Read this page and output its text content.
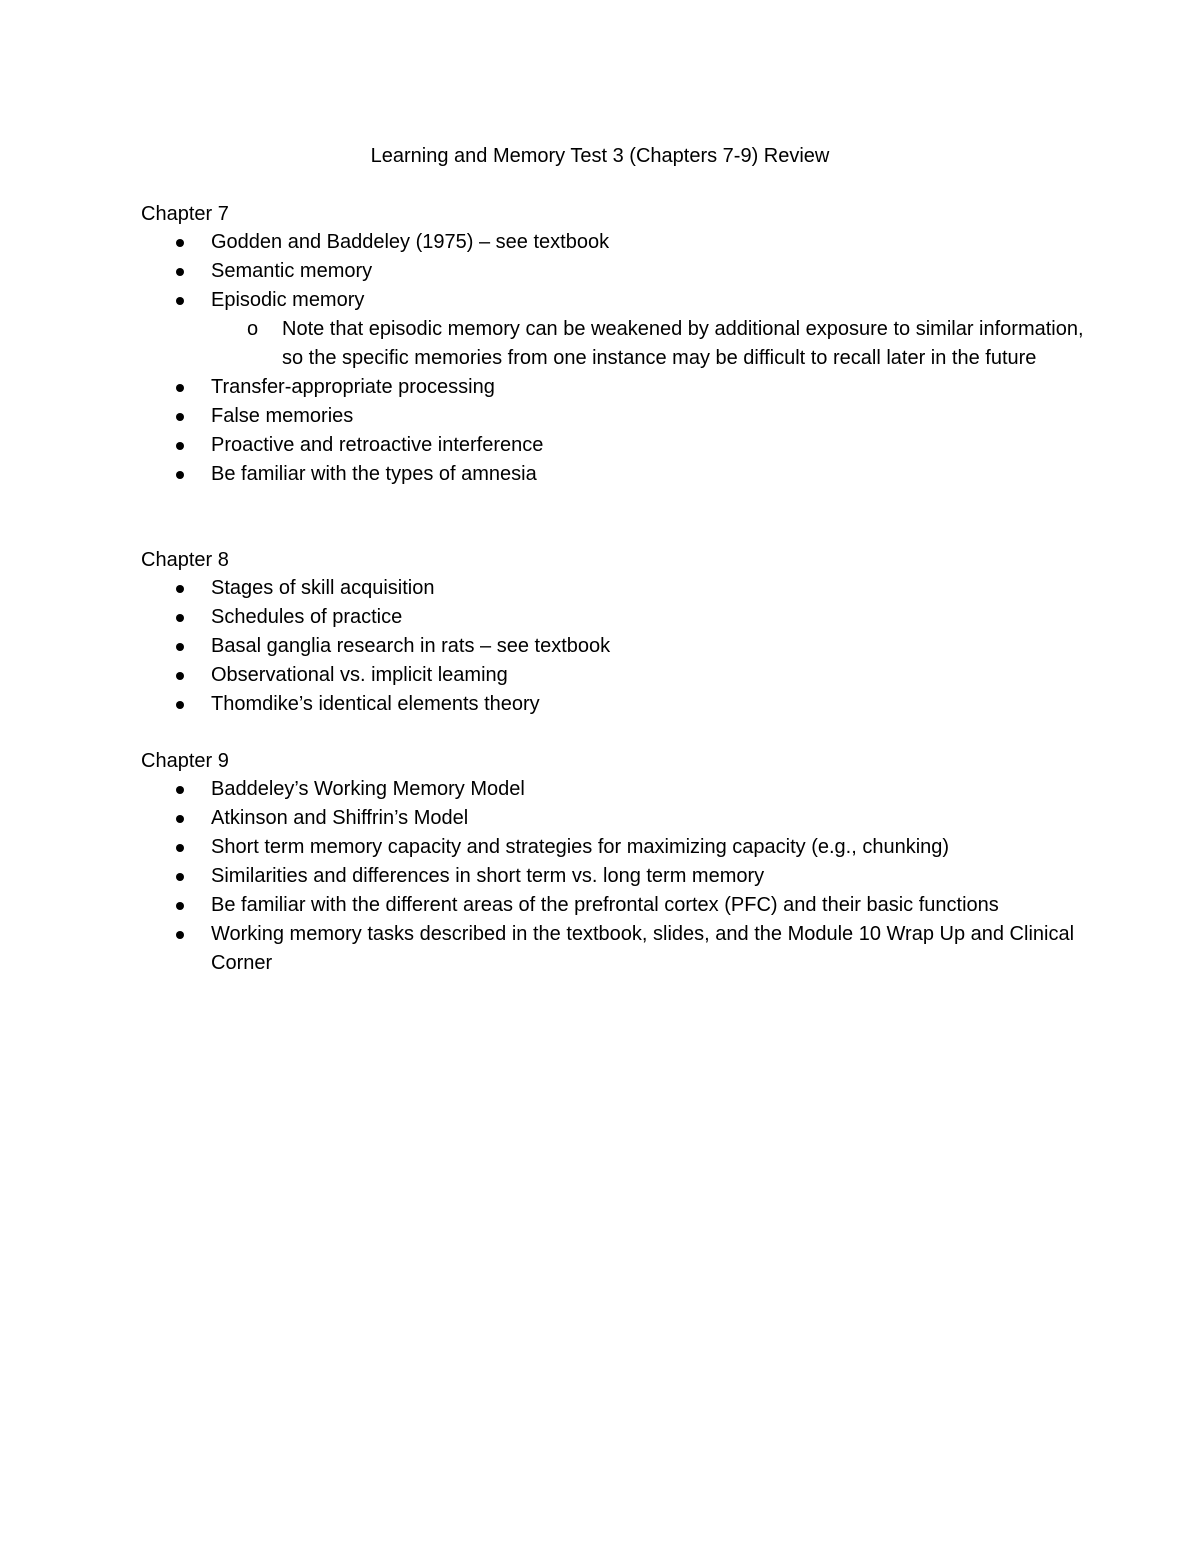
Learning and Memory Test 3 (Chapters 7-9) Review

Chapter 7

Godden and Baddeley (1975) – see textbook
Semantic memory
Episodic memory
o Note that episodic memory can be weakened by additional exposure to similar information, so the specific memories from one instance may be difficult to recall later in the future
Transfer-appropriate processing
False memories
Proactive and retroactive interference
Be familiar with the types of amnesia

Chapter 8

Stages of skill acquisition
Schedules of practice
Basal ganglia research in rats – see textbook
Observational vs. implicit leaming
Thomdike’s identical elements theory

Chapter 9

Baddeley’s Working Memory Model
Atkinson and Shiffrin’s Model
Short term memory capacity and strategies for maximizing capacity (e.g., chunking)
Similarities and differences in short term vs. long term memory
Be familiar with the different areas of the prefrontal cortex (PFC) and their basic functions
Working memory tasks described in the textbook, slides, and the Module 10 Wrap Up and Clinical Corner
